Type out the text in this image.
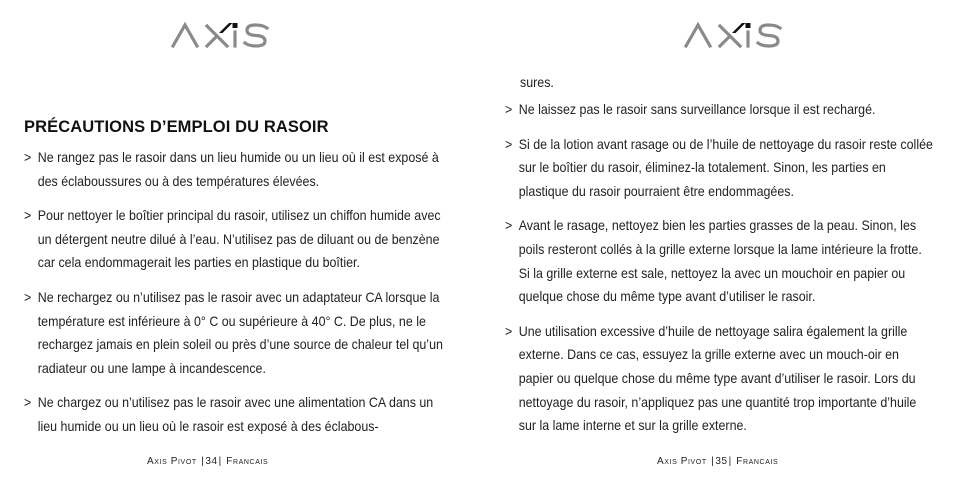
PRÉCAUTIONS D’EMPLOI DU RASOIR
> Ne rangez pas le rasoir dans un lieu humide ou un lieu où il est exposé à des éclaboussures ou à des températures élevées.
> Pour nettoyer le boîtier principal du rasoir, utilisez un chiffon humide avec un détergent neutre dilué à l’eau. N’utilisez pas de diluant ou de benzène car cela endommagerait les parties en plastique du boîtier.
> Ne rechargez ou n’utilisez pas le rasoir avec un adaptateur CA lorsque la température est inférieure à 0° C ou supérieure à 40° C. De plus, ne le rechargez jamais en plein soleil ou près d’une source de chaleur tel qu’un radiateur ou une lampe à incandescence.
> Ne chargez ou n’utilisez pas le rasoir avec une alimentation CA dans un lieu humide ou un lieu où le rasoir est exposé à des éclabous-
Axis Pivot |34| Francais
sures.
> Ne laissez pas le rasoir sans surveillance lorsque il est rechargé.
> Si de la lotion avant rasage ou de l’huile de nettoyage du rasoir reste collée sur le boîtier du rasoir, éliminez-la totalement. Sinon, les parties en plastique du rasoir pourraient être endommagées.
> Avant le rasage, nettoyez bien les parties grasses de la peau. Sinon, les poils resteront collés à la grille externe lorsque la lame intérieure la frotte. Si la grille externe est sale, nettoyez la avec un mouchoir en papier ou quelque chose du même type avant d’utiliser le rasoir.
> Une utilisation excessive d’huile de nettoyage salira également la grille externe. Dans ce cas, essuyez la grille externe avec un mouch-oir en papier ou quelque chose du même type avant d’utiliser le rasoir. Lors du nettoyage du rasoir, n’appliquez pas une quantité trop importante d’huile sur la lame interne et sur la grille externe.
Axis Pivot |35| Francais
